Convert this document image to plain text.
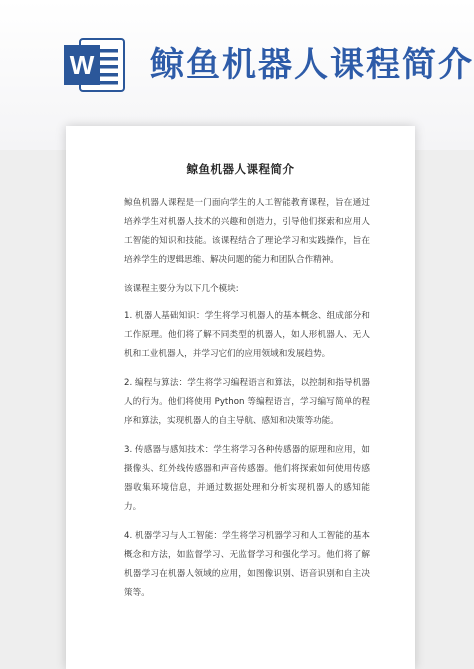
W 鲸鱼机器人课程简介
鲸鱼机器人课程简介

鲸鱼机器人课程是一门面向学生的人工智能教育课程，旨在通过培养学生对机器人技术的兴趣和创造力，引导他们探索和应用人工智能的知识和技能。该课程结合了理论学习和实践操作，旨在培养学生的逻辑思维、解决问题的能力和团队合作精神。

该课程主要分为以下几个模块:

1. 机器人基础知识：学生将学习机器人的基本概念、组成部分和工作原理。他们将了解不同类型的机器人，如人形机器人、无人机和工业机器人，并学习它们的应用领域和发展趋势。

2. 编程与算法：学生将学习编程语言和算法，以控制和指导机器人的行为。他们将使用 Python 等编程语言，学习编写简单的程序和算法，实现机器人的自主导航、感知和决策等功能。

3. 传感器与感知技术：学生将学习各种传感器的原理和应用，如摄像头、红外线传感器和声音传感器。他们将探索如何使用传感器收集环境信息，并通过数据处理和分析实现机器人的感知能力。

4. 机器学习与人工智能：学生将学习机器学习和人工智能的基本概念和方法，如监督学习、无监督学习和强化学习。他们将了解机器学习在机器人领域的应用，如图像识别、语音识别和自主决策等。
